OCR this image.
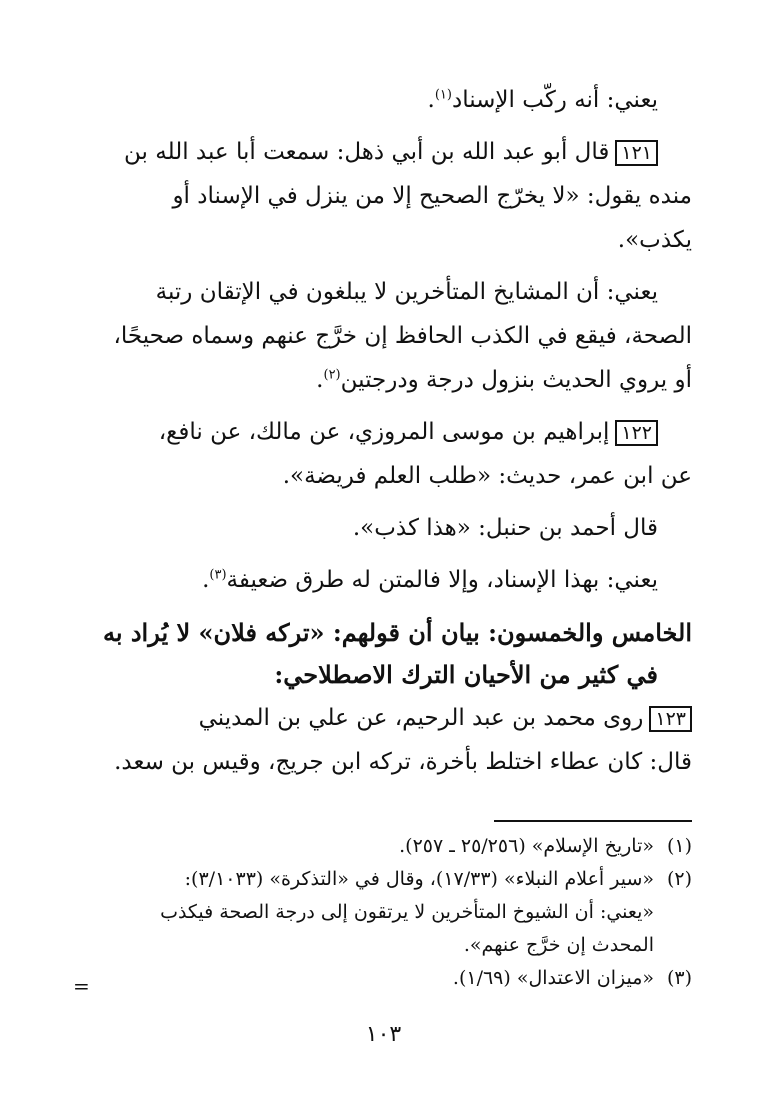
يعني: أنه ركّب الإسناد$^{(١)}$.
١٢١قال أبو عبد الله بن أبي ذهل: سمعت أبا عبد الله بن
منده يقول: «لا يخرّج الصحيح إلا من ينزل في الإسناد أو
يكذب».
يعني: أن المشايخ المتأخرين لا يبلغون في الإتقان رتبة
الصحة، فيقع في الكذب الحافظ إن خرَّج عنهم وسماه صحيحًا،
أو يروي الحديث بنزول درجة ودرجتين$^{(٢)}$.
١٢٢إبراهيم بن موسى المروزي، عن مالك، عن نافع،
عن ابن عمر، حديث: «طلب العلم فريضة».
قال أحمد بن حنبل: «هذا كذب».
يعني: بهذا الإسناد، وإلا فالمتن له طرق ضعيفة$^{(٣)}$.
الخامس والخمسون: بيان أن قولهم: «تركه فلان» لا يُراد به
في كثير من الأحيان الترك الاصطلاحي:
١٢٣روى محمد بن عبد الرحيم، عن علي بن المديني
قال: كان عطاء اختلط بأخرة، تركه ابن جريج، وقيس بن سعد.
(١)
«تاريخ الإسلام» (٢٥/٢٥٦ ـ ٢٥٧).
(٢)
«سير أعلام النبلاء» (١٧/٣٣)، وقال في «التذكرة» (٣/١٠٣٣):
«يعني: أن الشيوخ المتأخرين لا يرتقون إلى درجة الصحة فيكذب
المحدث إن خرَّج عنهم».
(٣)
«ميزان الاعتدال» (١/٦٩).
=
١٠٣
